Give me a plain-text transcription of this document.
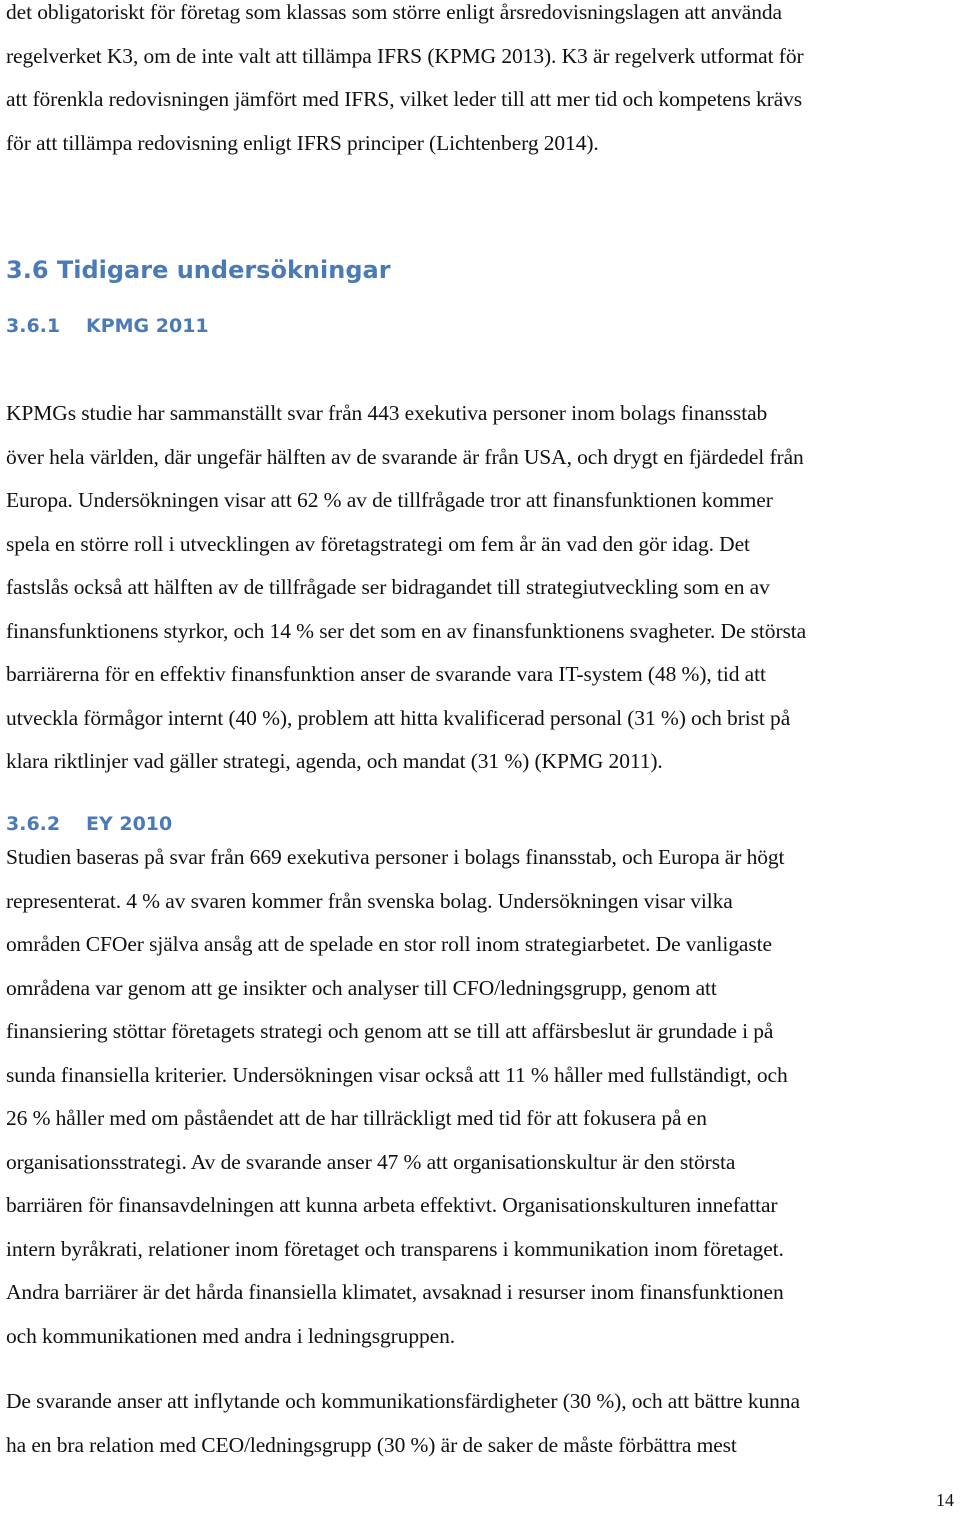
det obligatoriskt för företag som klassas som större enligt årsredovisningslagen att använda
regelverket K3, om de inte valt att tillämpa IFRS (KPMG 2013). K3 är regelverk utformat för
att förenkla redovisningen jämfört med IFRS, vilket leder till att mer tid och kompetens krävs
för att tillämpa redovisning enligt IFRS principer (Lichtenberg 2014).
3.6 Tidigare undersökningar
3.6.1 KPMG 2011
KPMGs studie har sammanställt svar från 443 exekutiva personer inom bolags finansstab
över hela världen, där ungefär hälften av de svarande är från USA, och drygt en fjärdedel från
Europa. Undersökningen visar att 62 % av de tillfrågade tror att finansfunktionen kommer
spela en större roll i utvecklingen av företagstrategi om fem år än vad den gör idag. Det
fastslås också att hälften av de tillfrågade ser bidragandet till strategiutveckling som en av
finansfunktionens styrkor, och 14 % ser det som en av finansfunktionens svagheter. De största
barriärerna för en effektiv finansfunktion anser de svarande vara IT-system (48 %), tid att
utveckla förmågor internt (40 %), problem att hitta kvalificerad personal (31 %) och brist på
klara riktlinjer vad gäller strategi, agenda, och mandat (31 %) (KPMG 2011).
3.6.2 EY 2010
Studien baseras på svar från 669 exekutiva personer i bolags finansstab, och Europa är högt
representerat. 4 % av svaren kommer från svenska bolag. Undersökningen visar vilka
områden CFOer själva ansåg att de spelade en stor roll inom strategiarbetet. De vanligaste
områdena var genom att ge insikter och analyser till CFO/ledningsgrupp, genom att
finansiering stöttar företagets strategi och genom att se till att affärsbeslut är grundade i på
sunda finansiella kriterier. Undersökningen visar också att 11 % håller med fullständigt, och
26 % håller med om påståendet att de har tillräckligt med tid för att fokusera på en
organisationsstrategi. Av de svarande anser 47 % att organisationskultur är den största
barriären för finansavdelningen att kunna arbeta effektivt. Organisationskulturen innefattar
intern byråkrati, relationer inom företaget och transparens i kommunikation inom företaget.
Andra barriärer är det hårda finansiella klimatet, avsaknad i resurser inom finansfunktionen
och kommunikationen med andra i ledningsgruppen.
De svarande anser att inflytande och kommunikationsfärdigheter (30 %), och att bättre kunna
ha en bra relation med CEO/ledningsgrupp (30 %) är de saker de måste förbättra mest
14
